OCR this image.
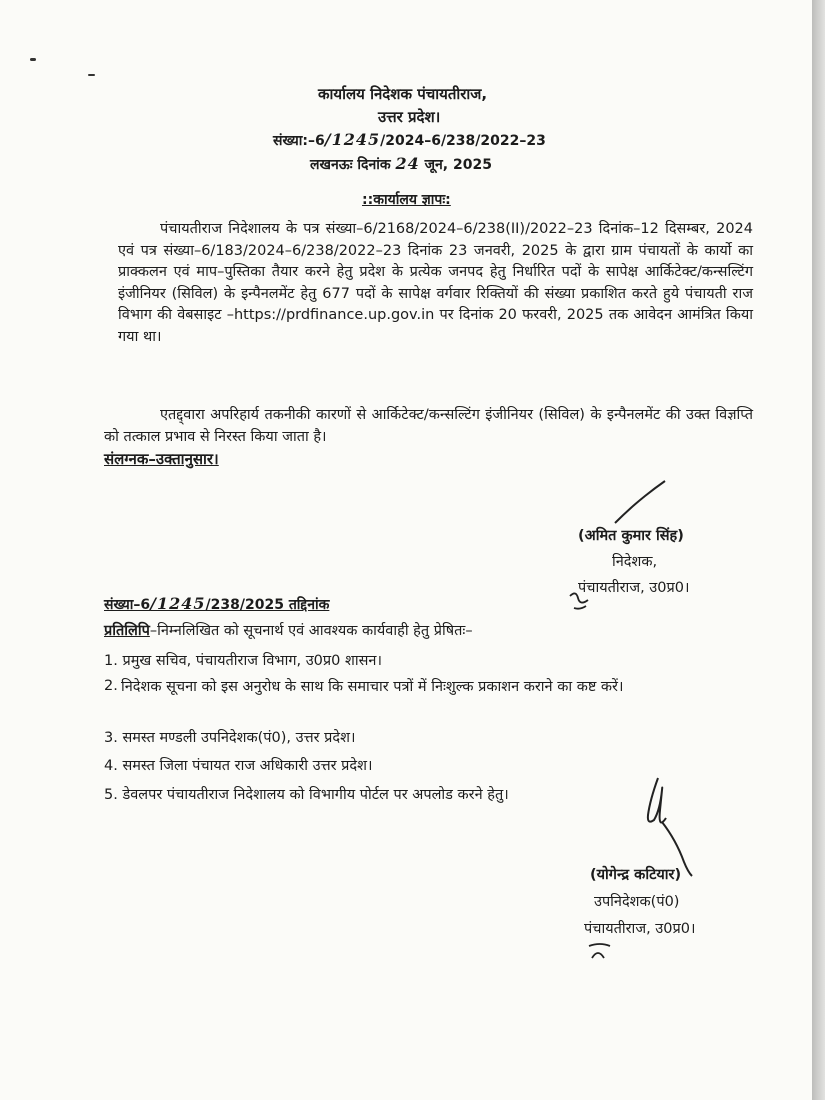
कार्यालय निदेशक पंचायतीराज,
उत्तर प्रदेश।
संख्या:–6/1245/2024–6/238/2022–23
लखनऊः दिनांक 24 जून, 2025
::कार्यालय ज्ञापः:
पंचायतीराज निदेशालय के पत्र संख्या–6/2168/2024–6/238(II)/2022–23 दिनांक–12 दिसम्बर, 2024 एवं पत्र संख्या–6/183/2024–6/238/2022–23 दिनांक 23 जनवरी, 2025 के द्वारा ग्राम पंचायतों के कार्यो का प्राक्कलन एवं माप–पुस्तिका तैयार करने हेतु प्रदेश के प्रत्येक जनपद हेतु निर्धारित पदों के सापेक्ष आर्किटेक्ट/कन्सल्टिंग इंजीनियर (सिविल) के इन्पैनलमेंट हेतु 677 पदों के सापेक्ष वर्गवार रिक्तियों की संख्या प्रकाशित करते हुये पंचायती राज विभाग की वेबसाइट –https://prdfinance.up.gov.in पर दिनांक 20 फरवरी, 2025 तक आवेदन आमंत्रित किया गया था।
एतद्द्वारा अपरिहार्य तकनीकी कारणों से आर्किटेक्ट/कन्सल्टिंग इंजीनियर (सिविल) के इन्पैनलमेंट की उक्त विज्ञप्ति को तत्काल प्रभाव से निरस्त किया जाता है।
संलग्नक–उक्तानुसार।
(अमित कुमार सिंह)
निदेशक,
पंचायतीराज, उ0प्र0।
संख्या–6/1245/238/2025 तद्दिनांक
प्रतिलिपि–निम्नलिखित को सूचनार्थ एवं आवश्यक कार्यवाही हेतु प्रेषितः–
1. प्रमुख सचिव, पंचायतीराज विभाग, उ0प्र0 शासन।
2. निदेशक सूचना को इस अनुरोध के साथ कि समाचार पत्रों में निःशुल्क प्रकाशन कराने का कष्ट करें।
3. समस्त मण्डली उपनिदेशक(पं0), उत्तर प्रदेश।
4. समस्त जिला पंचायत राज अधिकारी उत्तर प्रदेश।
5. डेवलपर पंचायतीराज निदेशालय को विभागीय पोर्टल पर अपलोड करने हेतु।
(योगेन्द्र कटियार)
उपनिदेशक(पं0)
पंचायतीराज, उ0प्र0।
